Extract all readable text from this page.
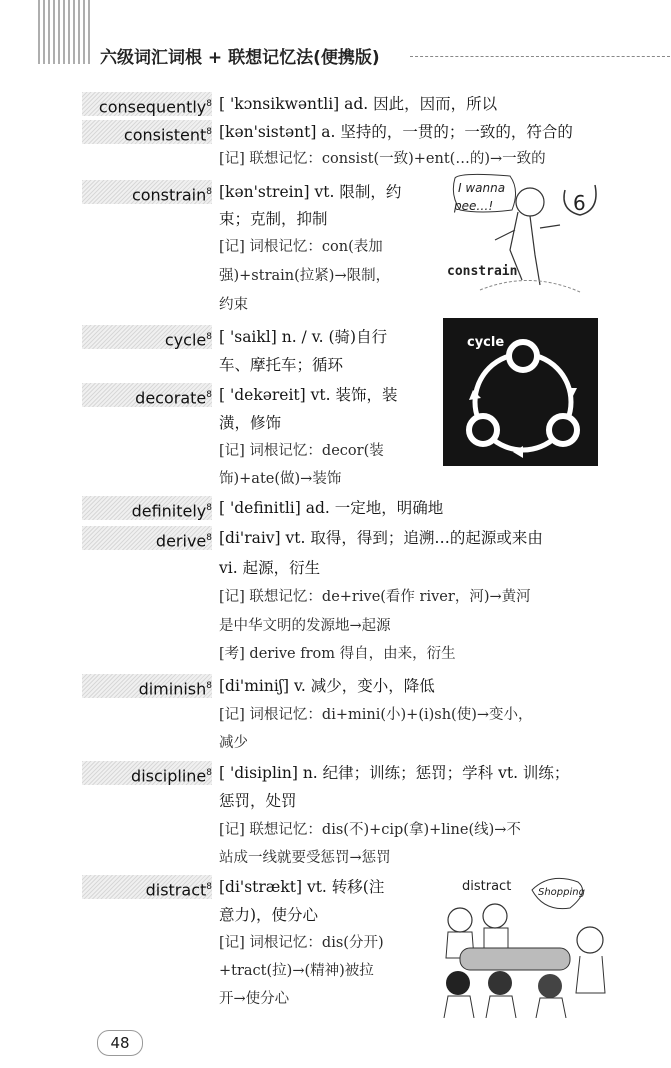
六级词汇词根 + 联想记忆法(便携版)
consequently$^8$ [ 'kɔnsikwəntli] ad. 因此，因而，所以
consistent$^8$ [kən'sistənt] a. 坚持的，一贯的；一致的，符合的
[记] 联想记忆：consist(一致)+ent(…的)→一致的
constrain$^8$ [kən'strein] vt. 限制，约
束；克制，抑制
[记] 词根记忆：con(表加
强)+strain(拉紧)→限制，
约束
I wanna
pee…!	6
constrain
cycle$^8$ [ 'saikl] n. / v. (骑)自行
车、摩托车；循环
cycle
decorate$^8$ [ 'dekəreit] vt. 装饰，装
潢，修饰
[记] 词根记忆：decor(装
饰)+ate(做)→装饰
definitely$^8$ [ 'definitli] ad. 一定地，明确地
derive$^8$ [di'raiv] vt. 取得，得到；追溯…的起源或来由
vi. 起源，衍生
[记] 联想记忆：de+rive(看作 river，河)→黄河
是中华文明的发源地→起源
[考] derive from 得自，由来，衍生
diminish$^8$ [di'miniʃ] v. 减少，变小，降低
[记] 词根记忆：di+mini(小)+(i)sh(使)→变小，
减少
discipline$^8$ [ 'disiplin] n. 纪律；训练；惩罚；学科 vt. 训练；
惩罚，处罚
[记] 联想记忆：dis(不)+cip(拿)+line(线)→不
站成一线就要受惩罚→惩罚
distract$^8$ [di'strækt] vt. 转移(注
意力)，使分心
[记] 词根记忆：dis(分开)
+tract(拉)→(精神)被拉
开→使分心
distract	Shopping
48
